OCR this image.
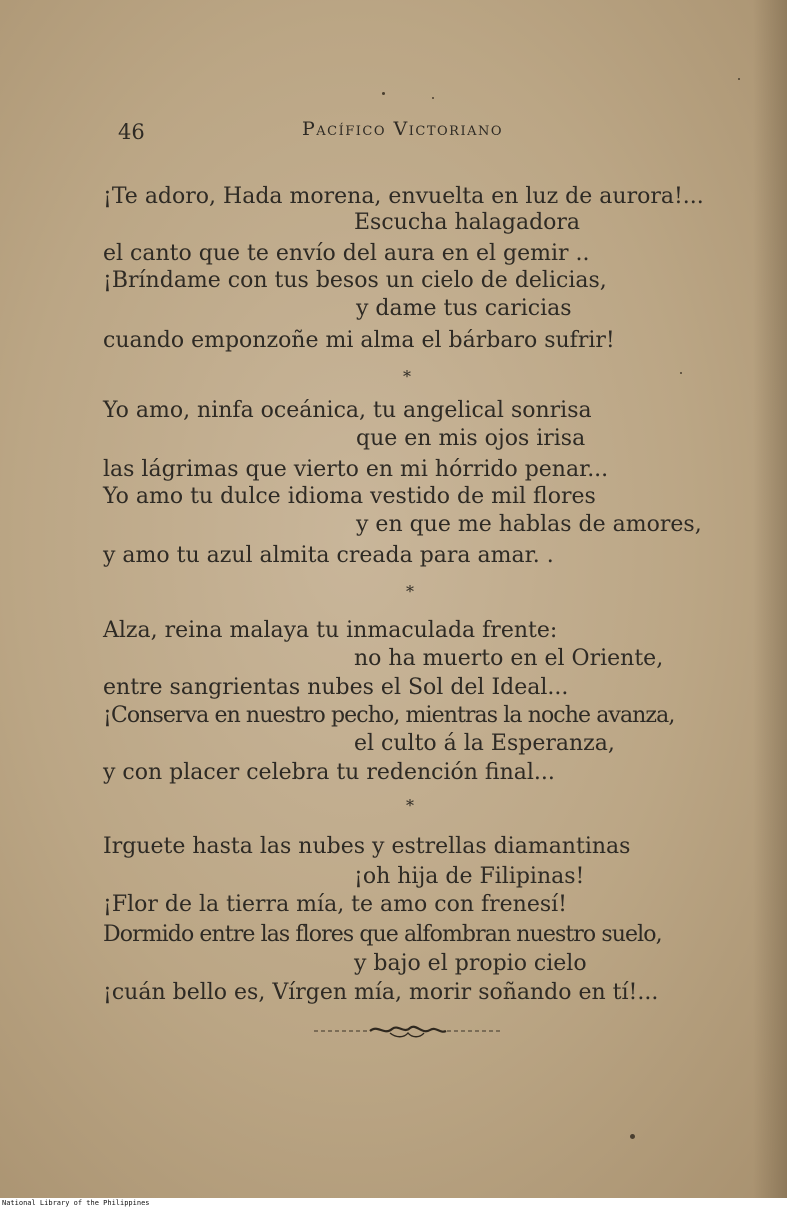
46	Pacífico Victoriano
¡Te adoro, Hada morena, envuelta en luz de aurora!...
Escucha halagadora
el canto que te envío del aura en el gemir ..
¡Bríndame con tus besos un cielo de delicias,
y dame tus caricias
cuando emponzoñe mi alma el bárbaro sufrir!
*
Yo amo, ninfa oceánica, tu angelical sonrisa
que en mis ojos irisa
las lágrimas que vierto en mi hórrido penar...
Yo amo tu dulce idioma vestido de mil flores
y en que me hablas de amores,
y amo tu azul almita creada para amar. .
*
Alza, reina malaya tu inmaculada frente:
no ha muerto en el Oriente,
entre sangrientas nubes el Sol del Ideal...
¡Conserva en nuestro pecho, mientras la noche avanza,
el culto á la Esperanza,
y con placer celebra tu redención final...
*
Irguete hasta las nubes y estrellas diamantinas
¡oh hija de Filipinas!
¡Flor de la tierra mía, te amo con frenesí!
Dormido entre las flores que alfombran nuestro suelo,
y bajo el propio cielo
¡cuán bello es, Vírgen mía, morir soñando en tí!...
National Library of the Philippines
